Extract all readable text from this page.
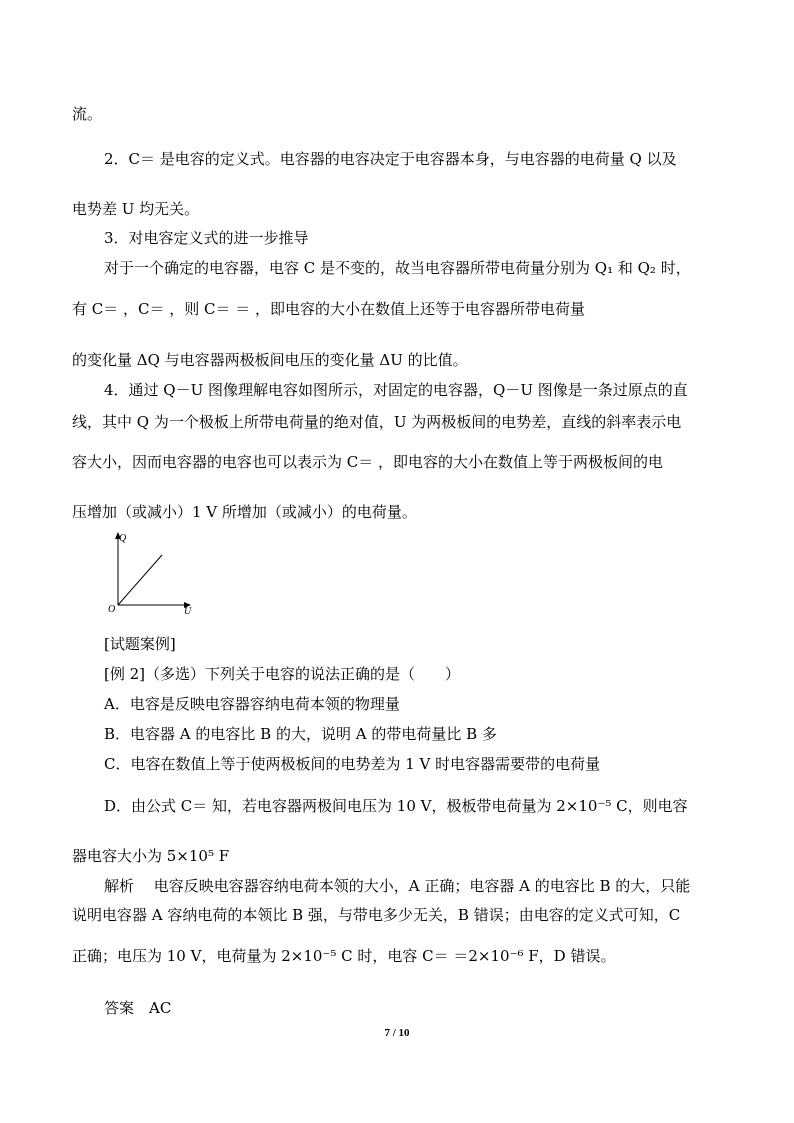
流。
2．C＝ 是电容的定义式。电容器的电容决定于电容器本身，与电容器的电荷量 Q 以及
电势差 U 均无关。
3．对电容定义式的进一步推导
对于一个确定的电容器，电容 C 是不变的，故当电容器所带电荷量分别为 Q₁ 和 Q₂ 时，
有 C＝ ，C＝ ，则 C＝ ＝ ，即电容的大小在数值上还等于电容器所带电荷量
的变化量 ΔQ 与电容器两极板间电压的变化量 ΔU 的比值。
4．通过 Q－U 图像理解电容如图所示，对固定的电容器，Q－U 图像是一条过原点的直
线，其中 Q 为一个极板上所带电荷量的绝对值，U 为两极板间的电势差，直线的斜率表示电
容大小，因而电容器的电容也可以表示为 C＝ ，即电容的大小在数值上等于两极板间的电
压增加（或减小）1 V 所增加（或减小）的电荷量。
Q
U
O
[试题案例]
[例 2]（多选）下列关于电容的说法正确的是（　　）
A．电容是反映电容器容纳电荷本领的物理量
B．电容器 A 的电容比 B 的大，说明 A 的带电荷量比 B 多
C．电容在数值上等于使两极板间的电势差为 1 V 时电容器需要带的电荷量
D．由公式 C＝ 知，若电容器两极间电压为 10 V，极板带电荷量为 2×10⁻⁵ C，则电容
器电容大小为 5×10⁵ F
解析　 电容反映电容器容纳电荷本领的大小，A 正确；电容器 A 的电容比 B 的大，只能
说明电容器 A 容纳电荷的本领比 B 强，与带电多少无关，B 错误；由电容的定义式可知，C
正确；电压为 10 V，电荷量为 2×10⁻⁵ C 时，电容 C＝ ＝2×10⁻⁶ F，D 错误。
答案　AC
7 / 10
